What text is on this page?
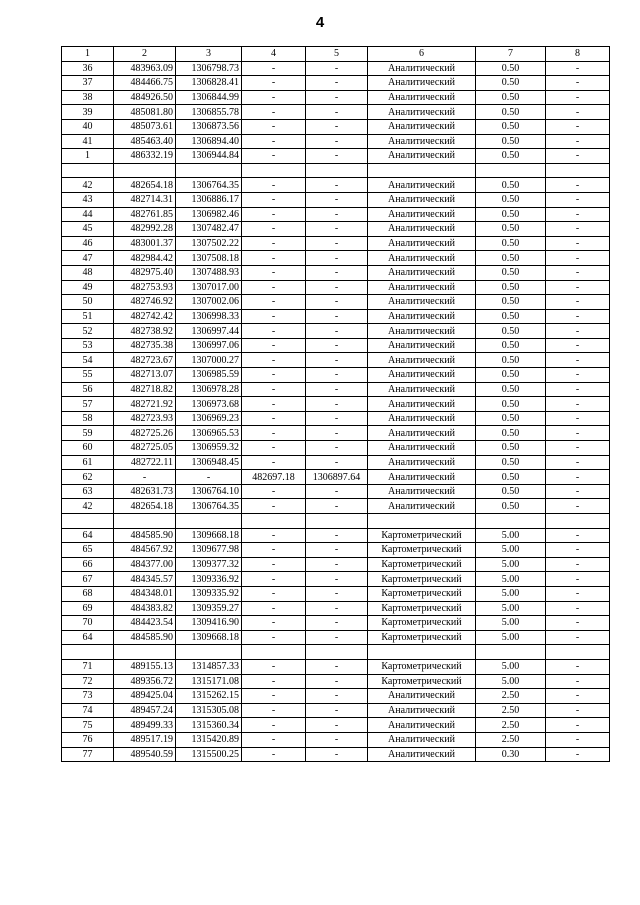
4
1	2	3	4	5	6	7	8
36	483963.09	1306798.73	-	-	Аналитический	0.50	-
37	484466.75	1306828.41	-	-	Аналитический	0.50	-
38	484926.50	1306844.99	-	-	Аналитический	0.50	-
39	485081.80	1306855.78	-	-	Аналитический	0.50	-
40	485073.61	1306873.56	-	-	Аналитический	0.50	-
41	485463.40	1306894.40	-	-	Аналитический	0.50	-
1	486332.19	1306944.84	-	-	Аналитический	0.50	-

42	482654.18	1306764.35	-	-	Аналитический	0.50	-
43	482714.31	1306886.17	-	-	Аналитический	0.50	-
44	482761.85	1306982.46	-	-	Аналитический	0.50	-
45	482992.28	1307482.47	-	-	Аналитический	0.50	-
46	483001.37	1307502.22	-	-	Аналитический	0.50	-
47	482984.42	1307508.18	-	-	Аналитический	0.50	-
48	482975.40	1307488.93	-	-	Аналитический	0.50	-
49	482753.93	1307017.00	-	-	Аналитический	0.50	-
50	482746.92	1307002.06	-	-	Аналитический	0.50	-
51	482742.42	1306998.33	-	-	Аналитический	0.50	-
52	482738.92	1306997.44	-	-	Аналитический	0.50	-
53	482735.38	1306997.06	-	-	Аналитический	0.50	-
54	482723.67	1307000.27	-	-	Аналитический	0.50	-
55	482713.07	1306985.59	-	-	Аналитический	0.50	-
56	482718.82	1306978.28	-	-	Аналитический	0.50	-
57	482721.92	1306973.68	-	-	Аналитический	0.50	-
58	482723.93	1306969.23	-	-	Аналитический	0.50	-
59	482725.26	1306965.53	-	-	Аналитический	0.50	-
60	482725.05	1306959.32	-	-	Аналитический	0.50	-
61	482722.11	1306948.45	-	-	Аналитический	0.50	-
62	-	-	482697.18	1306897.64	Аналитический	0.50	-
63	482631.73	1306764.10	-	-	Аналитический	0.50	-
42	482654.18	1306764.35	-	-	Аналитический	0.50	-

64	484585.90	1309668.18	-	-	Картометрический	5.00	-
65	484567.92	1309677.98	-	-	Картометрический	5.00	-
66	484377.00	1309377.32	-	-	Картометрический	5.00	-
67	484345.57	1309336.92	-	-	Картометрический	5.00	-
68	484348.01	1309335.92	-	-	Картометрический	5.00	-
69	484383.82	1309359.27	-	-	Картометрический	5.00	-
70	484423.54	1309416.90	-	-	Картометрический	5.00	-
64	484585.90	1309668.18	-	-	Картометрический	5.00	-

71	489155.13	1314857.33	-	-	Картометрический	5.00	-
72	489356.72	1315171.08	-	-	Картометрический	5.00	-
73	489425.04	1315262.15	-	-	Аналитический	2.50	-
74	489457.24	1315305.08	-	-	Аналитический	2.50	-
75	489499.33	1315360.34	-	-	Аналитический	2.50	-
76	489517.19	1315420.89	-	-	Аналитический	2.50	-
77	489540.59	1315500.25	-	-	Аналитический	0.30	-
